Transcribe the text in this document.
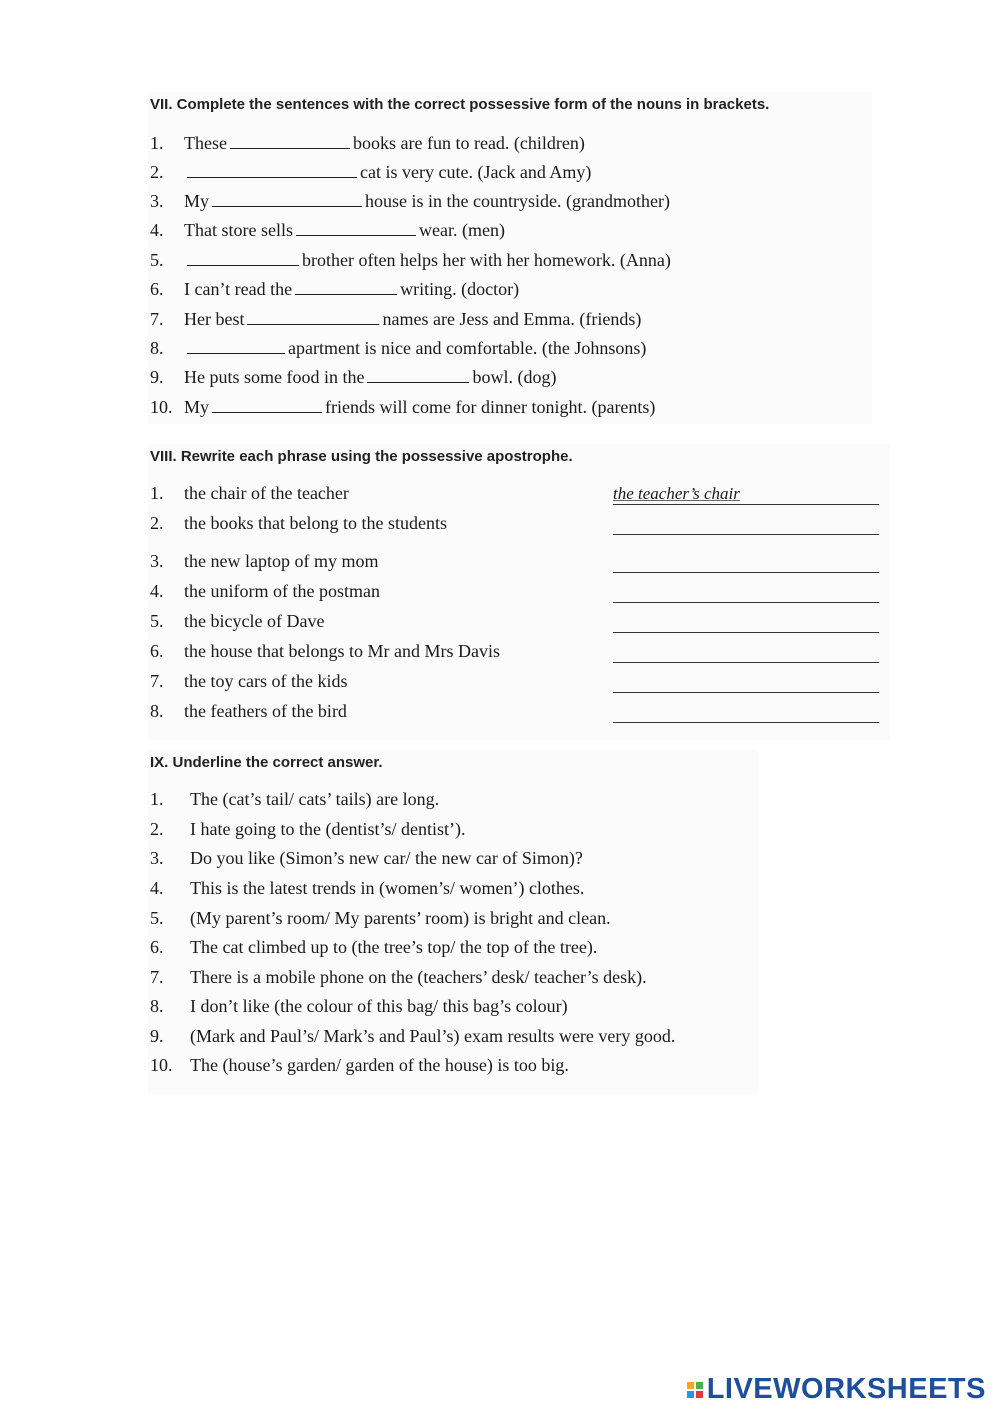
VII. Complete the sentences with the correct possessive form of the nouns in brackets.
1. These	books are fun to read. (children)
2.	cat is very cute. (Jack and Amy)
3. My	house is in the countryside. (grandmother)
4. That store sells	wear. (men)
5.	brother often helps her with her homework. (Anna)
6. I can’t read the	writing. (doctor)
7. Her best	names are Jess and Emma. (friends)
8.	apartment is nice and comfortable. (the Johnsons)
9. He puts some food in the	bowl. (dog)
10. My	friends will come for dinner tonight. (parents)
VIII. Rewrite each phrase using the possessive apostrophe.
1. the chair of the teacher	the teacher’s chair
2. the books that belong to the students
3. the new laptop of my mom
4. the uniform of the postman
5. the bicycle of Dave
6. the house that belongs to Mr and Mrs Davis
7. the toy cars of the kids
8. the feathers of the bird
IX. Underline the correct answer.
1. The (cat’s tail/ cats’ tails) are long.
2. I hate going to the (dentist’s/ dentist’).
3. Do you like (Simon’s new car/ the new car of Simon)?
4. This is the latest trends in (women’s/ women’) clothes.
5. (My parent’s room/ My parents’ room) is bright and clean.
6. The cat climbed up to (the tree’s top/ the top of the tree).
7. There is a mobile phone on the (teachers’ desk/ teacher’s desk).
8. I don’t like (the colour of this bag/ this bag’s colour)
9. (Mark and Paul’s/ Mark’s and Paul’s) exam results were very good.
10. The (house’s garden/ garden of the house) is too big.
LIVEWORKSHEETS
